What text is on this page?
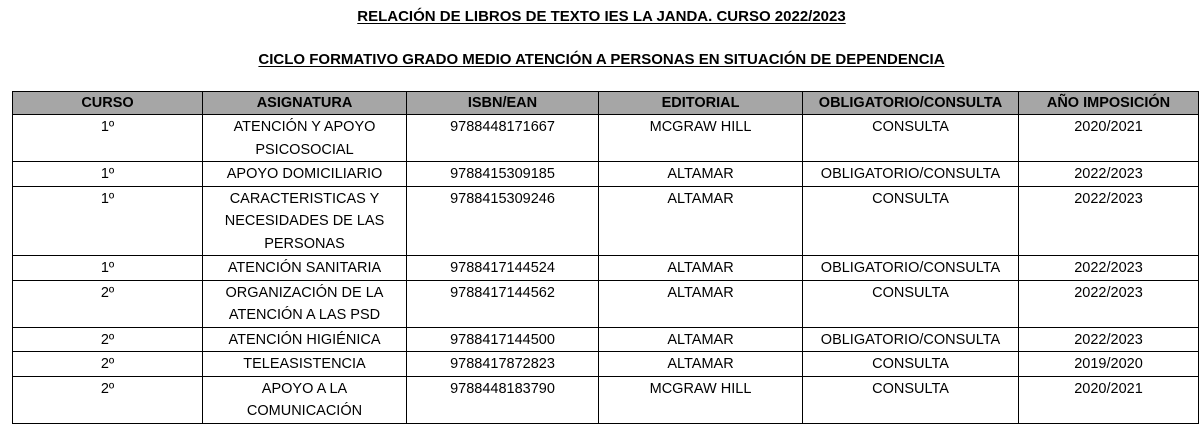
RELACIÓN DE LIBROS DE TEXTO IES LA JANDA. CURSO 2022/2023
CICLO FORMATIVO GRADO MEDIO ATENCIÓN A PERSONAS EN SITUACIÓN DE DEPENDENCIA
CURSO	ASIGNATURA	ISBN/EAN	EDITORIAL	OBLIGATORIO/CONSULTA	AÑO IMPOSICIÓN
1º	ATENCIÓN Y APOYO PSICOSOCIAL	9788448171667	MCGRAW HILL	CONSULTA	2020/2021
1º	APOYO DOMICILIARIO	9788415309185	ALTAMAR	OBLIGATORIO/CONSULTA	2022/2023
1º	CARACTERISTICAS Y NECESIDADES DE LAS PERSONAS	9788415309246	ALTAMAR	CONSULTA	2022/2023
1º	ATENCIÓN SANITARIA	9788417144524	ALTAMAR	OBLIGATORIO/CONSULTA	2022/2023
2º	ORGANIZACIÓN DE LA ATENCIÓN A LAS PSD	9788417144562	ALTAMAR	CONSULTA	2022/2023
2º	ATENCIÓN HIGIÉNICA	9788417144500	ALTAMAR	OBLIGATORIO/CONSULTA	2022/2023
2º	TELEASISTENCIA	9788417872823	ALTAMAR	CONSULTA	2019/2020
2º	APOYO A LA COMUNICACIÓN	9788448183790	MCGRAW HILL	CONSULTA	2020/2021
